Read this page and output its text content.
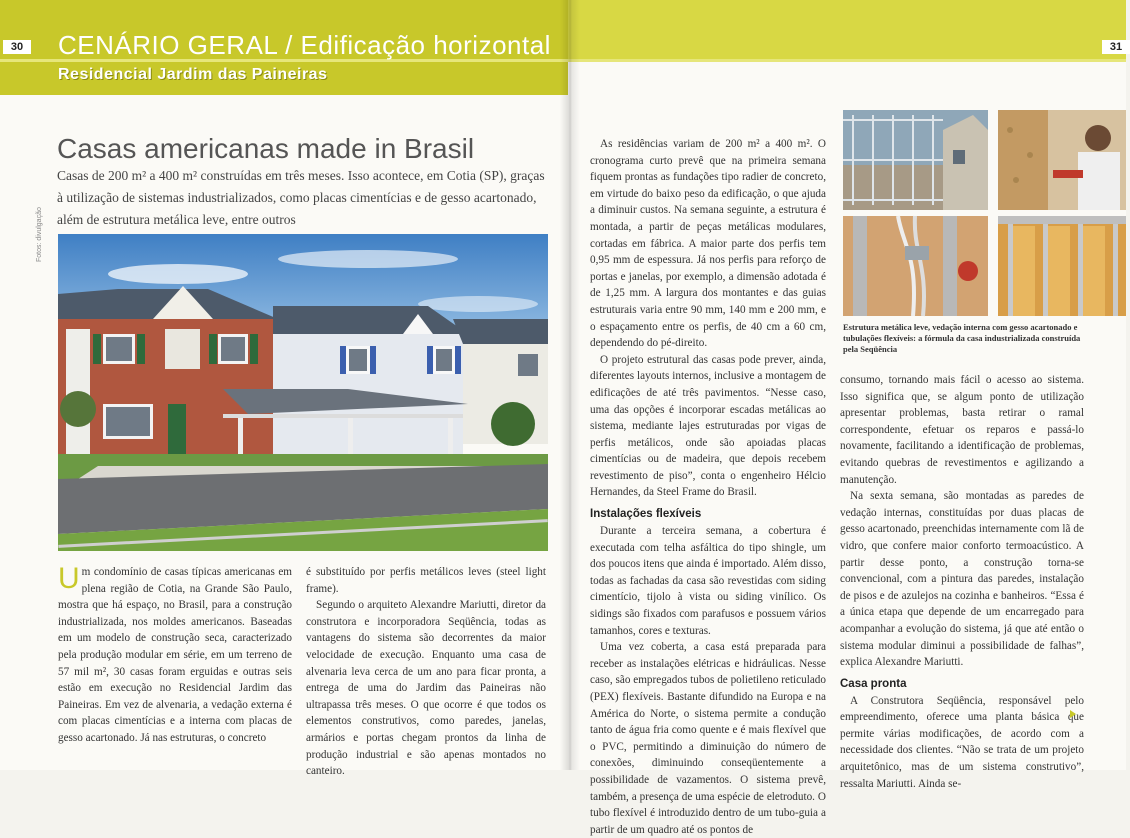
30	CENÁRIO GERAL / Edificação horizontal
Residencial Jardim das Paineiras
Casas americanas made in Brasil
Casas de 200 m² a 400 m² construídas em três meses. Isso acontece, em Cotia (SP), graças à utilização de sistemas industrializados, como placas cimentícias e de gesso acartonado, além de estrutura metálica leve, entre outros
Fotos: divulgação

Um condomínio de casas típicas americanas em plena região de Cotia, na Grande São Paulo, mostra que há espaço, no Brasil, para a construção industrializada, nos moldes americanos. Baseadas em um modelo de construção seca, caracterizado pela produção modular em série, em um terreno de 57 mil m², 30 casas foram erguidas e outras seis estão em execução no Residencial Jardim das Paineiras. Em vez de alvenaria, a vedação externa é com placas cimentícias e a interna com placas de gesso acartonado. Já nas estruturas, o concreto

é substituído por perfis metálicos leves (steel light frame).

Segundo o arquiteto Alexandre Mariutti, diretor da construtora e incorporadora Seqüência, todas as vantagens do sistema são decorrentes da maior velocidade de execução. Enquanto uma casa de alvenaria leva cerca de um ano para ficar pronta, a entrega de uma do Jardim das Paineiras não ultrapassa três meses. O que ocorre é que todos os elementos construtivos, como paredes, janelas, armários e portas chegam prontos da linha de produção industrial e são apenas montados no canteiro.

31

As residências variam de 200 m² a 400 m². O cronograma curto prevê que na primeira semana fiquem prontas as fundações tipo radier de concreto, em virtude do baixo peso da edificação, o que ajuda a diminuir custos. Na semana seguinte, a estrutura é montada, a partir de peças metálicas modulares, cortadas em fábrica. A maior parte dos perfis tem 0,95 mm de espessura. Já nos perfis para reforço de portas e janelas, por exemplo, a dimensão adotada é de 1,25 mm. A largura dos montantes e das guias estruturais varia entre 90 mm, 140 mm e 200 mm, e o espaçamento entre os perfis, de 40 cm a 60 cm, dependendo do pé-direito.

O projeto estrutural das casas pode prever, ainda, diferentes layouts internos, inclusive a montagem de edificações de até três pavimentos. “Nesse caso, uma das opções é incorporar escadas metálicas ao sistema, mediante lajes estruturadas por vigas de perfis metálicos, onde são apoiadas placas cimentícias ou de madeira, que depois recebem revestimento de piso”, conta o engenheiro Hélcio Hernandes, da Steel Frame do Brasil.

Instalações flexíveis

Durante a terceira semana, a cobertura é executada com telha asfáltica do tipo shingle, um dos poucos itens que ainda é importado. Além disso, todas as fachadas da casa são revestidas com siding cimentício, tijolo à vista ou siding vinílico. Os sidings são fixados com parafusos e possuem vários tamanhos, cores e texturas.

Uma vez coberta, a casa está preparada para receber as instalações elétricas e hidráulicas. Nesse caso, são empregados tubos de polietileno reticulado (PEX) flexíveis. Bastante difundido na Europa e na América do Norte, o sistema permite a condução tanto de água fria como quente e é mais flexível que o PVC, permitindo a diminuição do número de conexões, diminuindo conseqüentemente a possibilidade de vazamentos. O sistema prevê, também, a presença de uma espécie de eletroduto. O tubo flexível é introduzido dentro de um tubo-guia a partir de um quadro até os pontos de

Estrutura metálica leve, vedação interna com gesso acartonado e tubulações flexíveis: a fórmula da casa industrializada construída pela Seqüência

consumo, tornando mais fácil o acesso ao sistema. Isso significa que, se algum ponto de utilização apresentar problemas, basta retirar o ramal correspondente, efetuar os reparos e passá-lo novamente, facilitando a identificação de problemas, evitando quebras de revestimentos e agilizando a manutenção.

Na sexta semana, são montadas as paredes de vedação internas, constituídas por duas placas de gesso acartonado, preenchidas internamente com lã de vidro, que confere maior conforto termoacústico. A partir desse ponto, a construção torna-se convencional, com a pintura das paredes, instalação de pisos e de azulejos na cozinha e banheiros. “Essa é a única etapa que depende de um encarregado para acompanhar a evolução do sistema, já que até então o sistema modular diminui a possibilidade de falhas”, explica Alexandre Mariutti.

Casa pronta

A Construtora Seqüência, responsável pelo empreendimento, oferece uma planta básica que permite várias modificações, de acordo com a necessidade dos clientes. “Não se trata de um projeto arquitetônico, mas de um sistema construtivo”, ressalta Mariutti. Ainda se-
